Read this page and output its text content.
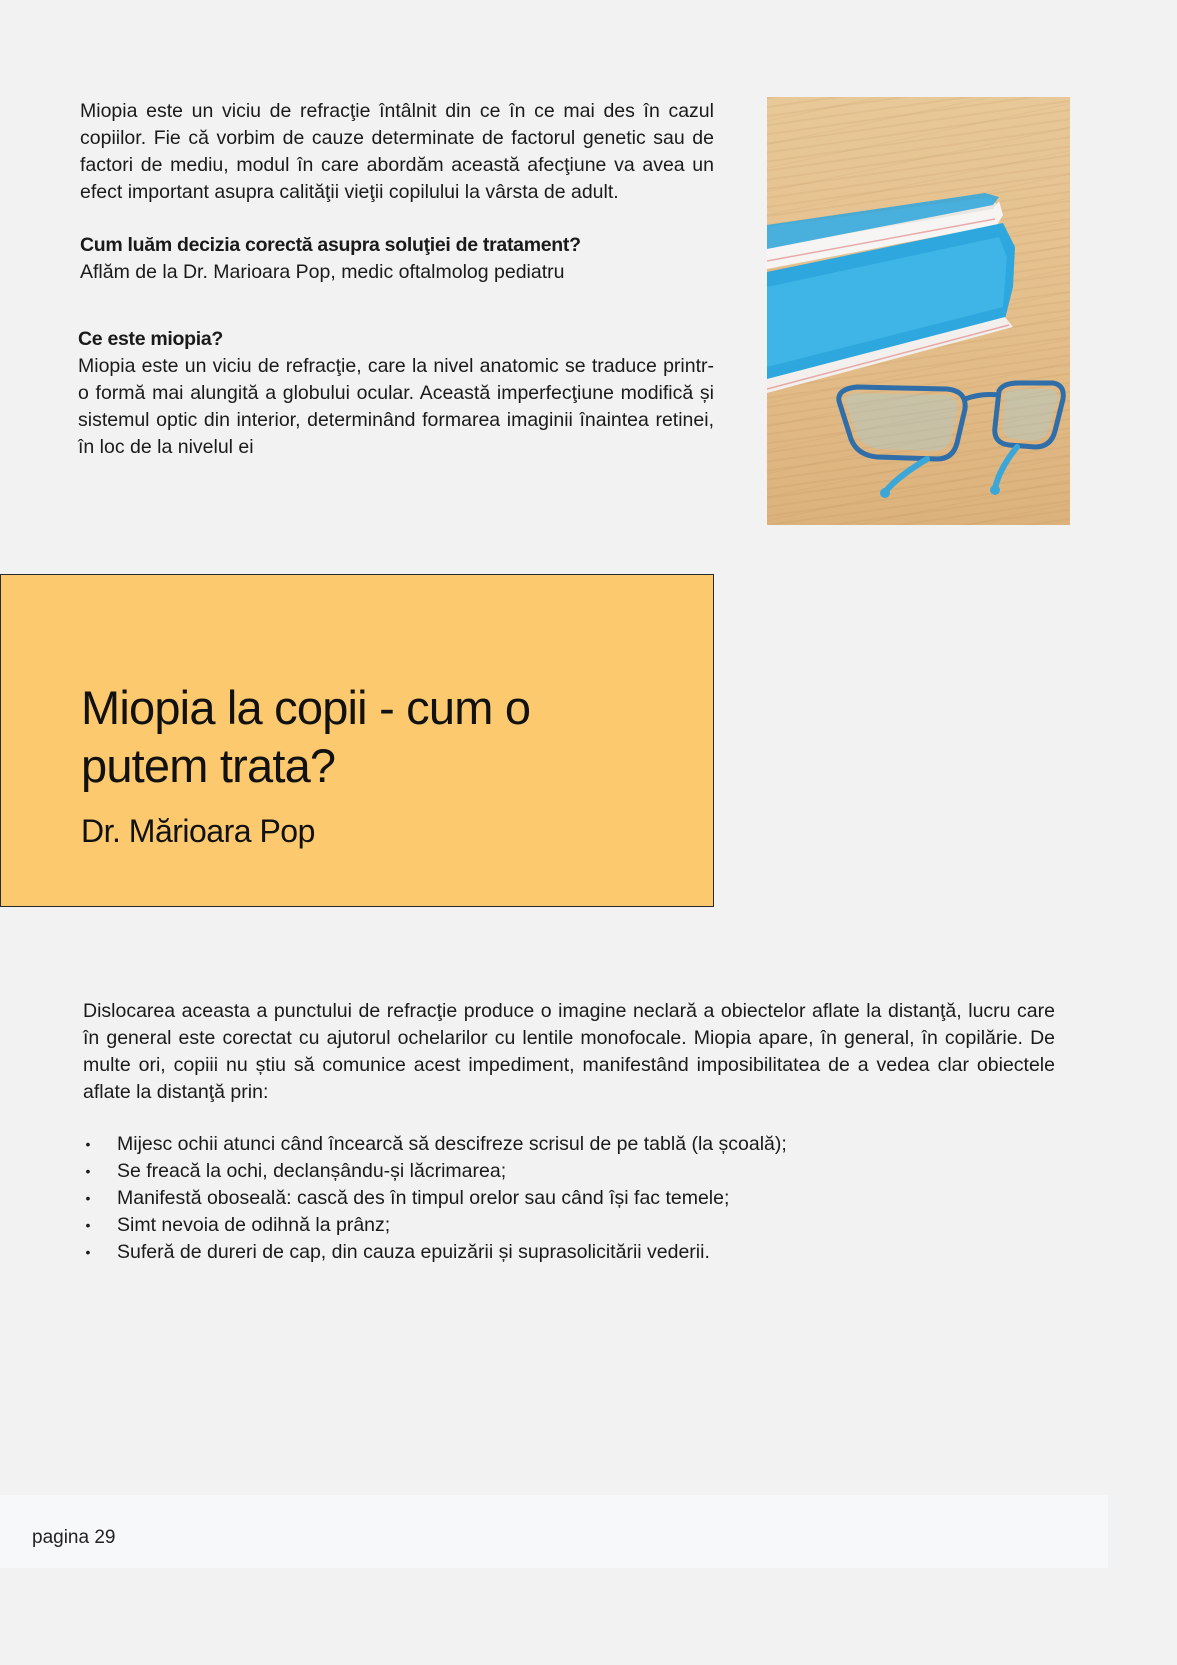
Miopia este un viciu de refracţie întâlnit din ce în ce mai des în cazul copiilor. Fie că vorbim de cauze determinate de factorul genetic sau de factori de mediu, modul în care abordăm această afecţiune va avea un efect important asupra calităţii vieţii copilului la vârsta de adult.

Cum luăm decizia corectă asupra soluţiei de tratament?

Aflăm de la Dr. Marioara Pop, medic oftalmolog pediatru

Ce este miopia?

Miopia este un viciu de refracţie, care la nivel anatomic se traduce printr-o formă mai alungită a globului ocular. Această imperfecţiune modifică și sistemul optic din interior, determinând formarea imaginii înaintea retinei, în loc de la nivelul ei

Miopia la copii - cum o putem trata?

Dr. Mărioara Pop

Dislocarea aceasta a punctului de refracţie produce o imagine neclară a obiectelor aflate la distanţă, lucru care în general este corectat cu ajutorul ochelarilor cu lentile monofocale. Miopia apare, în general, în copilărie. De multe ori, copiii nu știu să comunice acest impediment, manifestând imposibilitatea de a vedea clar obiectele aflate la distanţă prin:

• Mijesc ochii atunci când încearcă să descifreze scrisul de pe tablă (la școală);
• Se freacă la ochi, declanșându-și lăcrimarea;
• Manifestă oboseală: cască des în timpul orelor sau când își fac temele;
• Simt nevoia de odihnă la prânz;
• Suferă de dureri de cap, din cauza epuizării și suprasolicitării vederii.
pagina 29
